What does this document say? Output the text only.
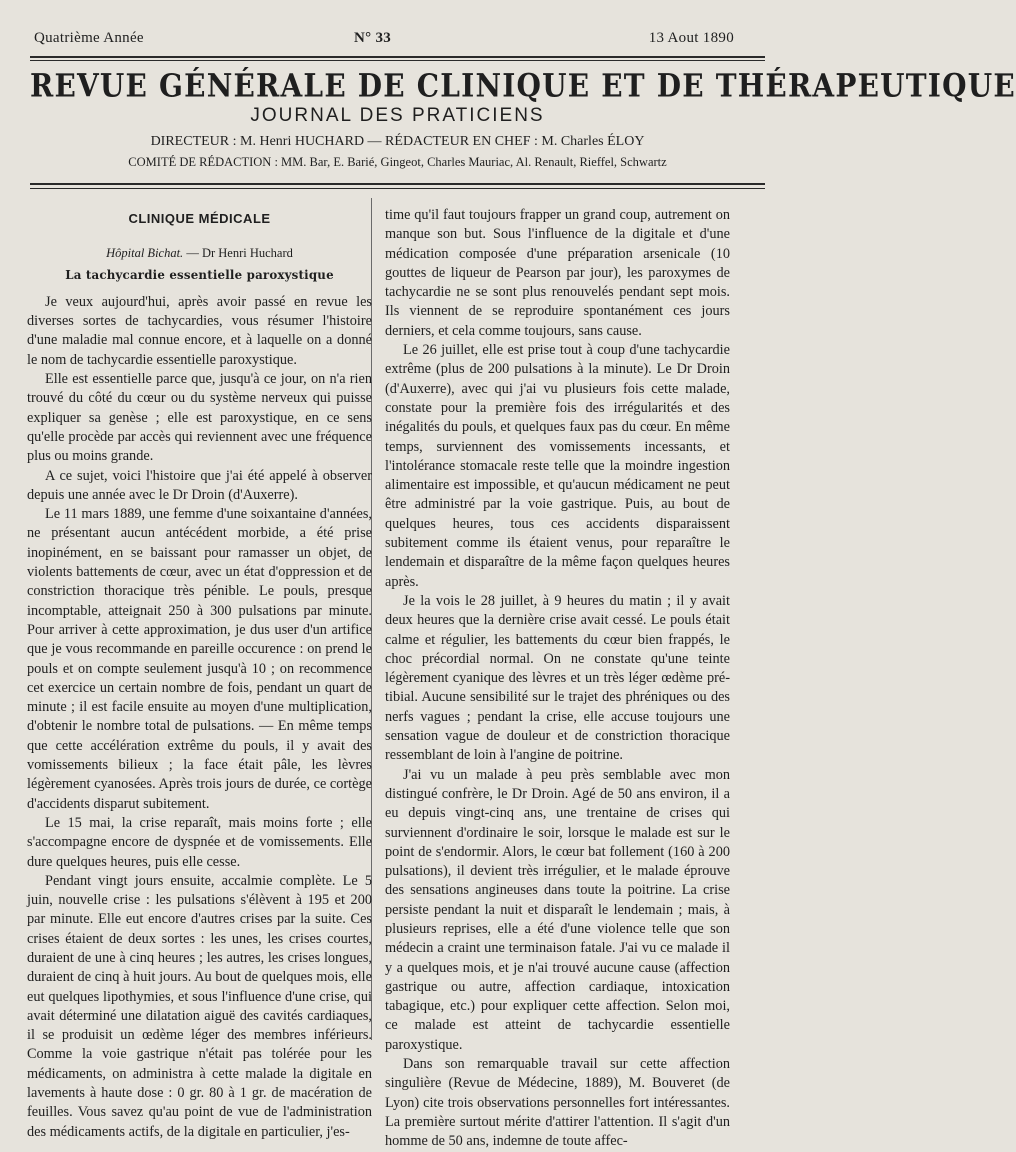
Quatrième Année	N° 33	13 Aout 1890
REVUE GÉNÉRALE DE CLINIQUE ET DE THÉRAPEUTIQUE
JOURNAL DES PRATICIENS
DIRECTEUR : M. Henri HUCHARD — RÉDACTEUR EN CHEF : M. Charles ÉLOY
COMITÉ DE RÉDACTION : MM. Bar, E. Barié, Gingeot, Charles Mauriac, Al. Renault, Rieffel, Schwartz
CLINIQUE MÉDICALE
Hôpital Bichat. — Dr Henri Huchard
La tachycardie essentielle paroxystique

Je veux aujourd'hui, après avoir passé en revue les diverses sortes de tachycardies, vous résumer l'histoire d'une maladie mal connue encore, et à laquelle on a donné le nom de tachycardie essentielle paroxystique.

Elle est essentielle parce que, jusqu'à ce jour, on n'a rien trouvé du côté du cœur ou du système nerveux qui puisse expliquer sa genèse ; elle est paroxystique, en ce sens qu'elle procède par accès qui reviennent avec une fréquence plus ou moins grande.

A ce sujet, voici l'histoire que j'ai été appelé à observer depuis une année avec le Dr Droin (d'Auxerre).

Le 11 mars 1889, une femme d'une soixantaine d'années, ne présentant aucun antécédent morbide, a été prise inopinément, en se baissant pour ramasser un objet, de violents battements de cœur, avec un état d'oppression et de constriction thoracique très pénible. Le pouls, presque incomptable, atteignait 250 à 300 pulsations par minute. Pour arriver à cette approximation, je dus user d'un artifice que je vous recommande en pareille occurence : on prend le pouls et on compte seulement jusqu'à 10 ; on recommence cet exercice un certain nombre de fois, pendant un quart de minute ; il est facile ensuite au moyen d'une multiplication, d'obtenir le nombre total de pulsations. — En même temps que cette accélération extrême du pouls, il y avait des vomissements bilieux ; la face était pâle, les lèvres légèrement cyanosées. Après trois jours de durée, ce cortège d'accidents disparut subitement.

Le 15 mai, la crise reparaît, mais moins forte ; elle s'accompagne encore de dyspnée et de vomissements. Elle dure quelques heures, puis elle cesse.

Pendant vingt jours ensuite, accalmie complète. Le 5 juin, nouvelle crise : les pulsations s'élèvent à 195 et 200 par minute. Elle eut encore d'autres crises par la suite. Ces crises étaient de deux sortes : les unes, les crises courtes, duraient de une à cinq heures ; les autres, les crises longues, duraient de cinq à huit jours. Au bout de quelques mois, elle eut quelques lipothymies, et sous l'influence d'une crise, qui avait déterminé une dilatation aiguë des cavités cardiaques, il se produisit un œdème léger des membres inférieurs. Comme la voie gastrique n'était pas tolérée pour les médicaments, on administra à cette malade la digitale en lavements à haute dose : 0 gr. 80 à 1 gr. de macération de feuilles. Vous savez qu'au point de vue de l'administration des médicaments actifs, de la digitale en particulier, j'es-

time qu'il faut toujours frapper un grand coup, autrement on manque son but. Sous l'influence de la digitale et d'une médication composée d'une préparation arsenicale (10 gouttes de liqueur de Pearson par jour), les paroxymes de tachycardie ne se sont plus renouvelés pendant sept mois. Ils viennent de se reproduire spontanément ces jours derniers, et cela comme toujours, sans cause.

Le 26 juillet, elle est prise tout à coup d'une tachycardie extrême (plus de 200 pulsations à la minute). Le Dr Droin (d'Auxerre), avec qui j'ai vu plusieurs fois cette malade, constate pour la première fois des irrégularités et des inégalités du pouls, et quelques faux pas du cœur. En même temps, surviennent des vomissements incessants, et l'intolérance stomacale reste telle que la moindre ingestion alimentaire est impossible, et qu'aucun médicament ne peut être administré par la voie gastrique. Puis, au bout de quelques heures, tous ces accidents disparaissent subitement comme ils étaient venus, pour reparaître le lendemain et disparaître de la même façon quelques heures après.

Je la vois le 28 juillet, à 9 heures du matin ; il y avait deux heures que la dernière crise avait cessé. Le pouls était calme et régulier, les battements du cœur bien frappés, le choc précordial normal. On ne constate qu'une teinte légèrement cyanique des lèvres et un très léger œdème pré-tibial. Aucune sensibilité sur le trajet des phréniques ou des nerfs vagues ; pendant la crise, elle accuse toujours une sensation vague de douleur et de constriction thoracique ressemblant de loin à l'angine de poitrine.

J'ai vu un malade à peu près semblable avec mon distingué confrère, le Dr Droin. Agé de 50 ans environ, il a eu depuis vingt-cinq ans, une trentaine de crises qui surviennent d'ordinaire le soir, lorsque le malade est sur le point de s'endormir. Alors, le cœur bat follement (160 à 200 pulsations), il devient très irrégulier, et le malade éprouve des sensations angineuses dans toute la poitrine. La crise persiste pendant la nuit et disparaît le lendemain ; mais, à plusieurs reprises, elle a été d'une violence telle que son médecin a craint une terminaison fatale. J'ai vu ce malade il y a quelques mois, et je n'ai trouvé aucune cause (affection gastrique ou autre, affection cardiaque, intoxication tabagique, etc.) pour expliquer cette affection. Selon moi, ce malade est atteint de tachycardie essentielle paroxystique.

Dans son remarquable travail sur cette affection singulière (Revue de Médecine, 1889), M. Bouveret (de Lyon) cite trois observations personnelles fort intéressantes. La première surtout mérite d'attirer l'attention. Il s'agit d'un homme de 50 ans, indemne de toute affec-
